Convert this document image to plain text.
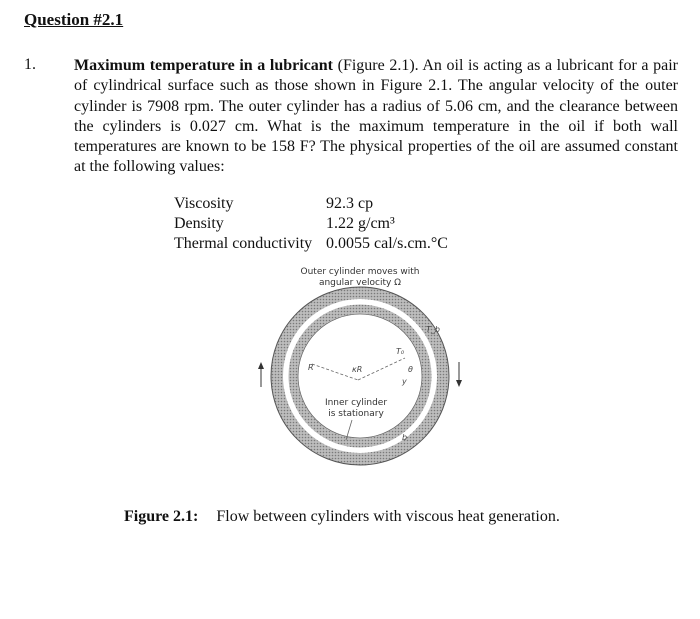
Question #2.1
1. Maximum temperature in a lubricant (Figure 2.1). An oil is acting as a lubricant for a pair of cylindrical surface such as those shown in Figure 2.1. The angular velocity of the outer cylinder is 7908 rpm. The outer cylinder has a radius of 5.06 cm, and the clearance between the cylinders is 0.027 cm. What is the maximum temperature in the oil if both wall temperatures are known to be 158 F? The physical properties of the oil are assumed constant at the following values:
Viscosity	92.3 cp
Density	1.22 g/cm³
Thermal conductivity	0.0055 cal/s.cm.°C
Outer cylinder moves with
angular velocity Ω
R	κR	θ
T₀
T_b
b
y
Inner cylinder
is stationary
Figure 2.1: Flow between cylinders with viscous heat generation.
